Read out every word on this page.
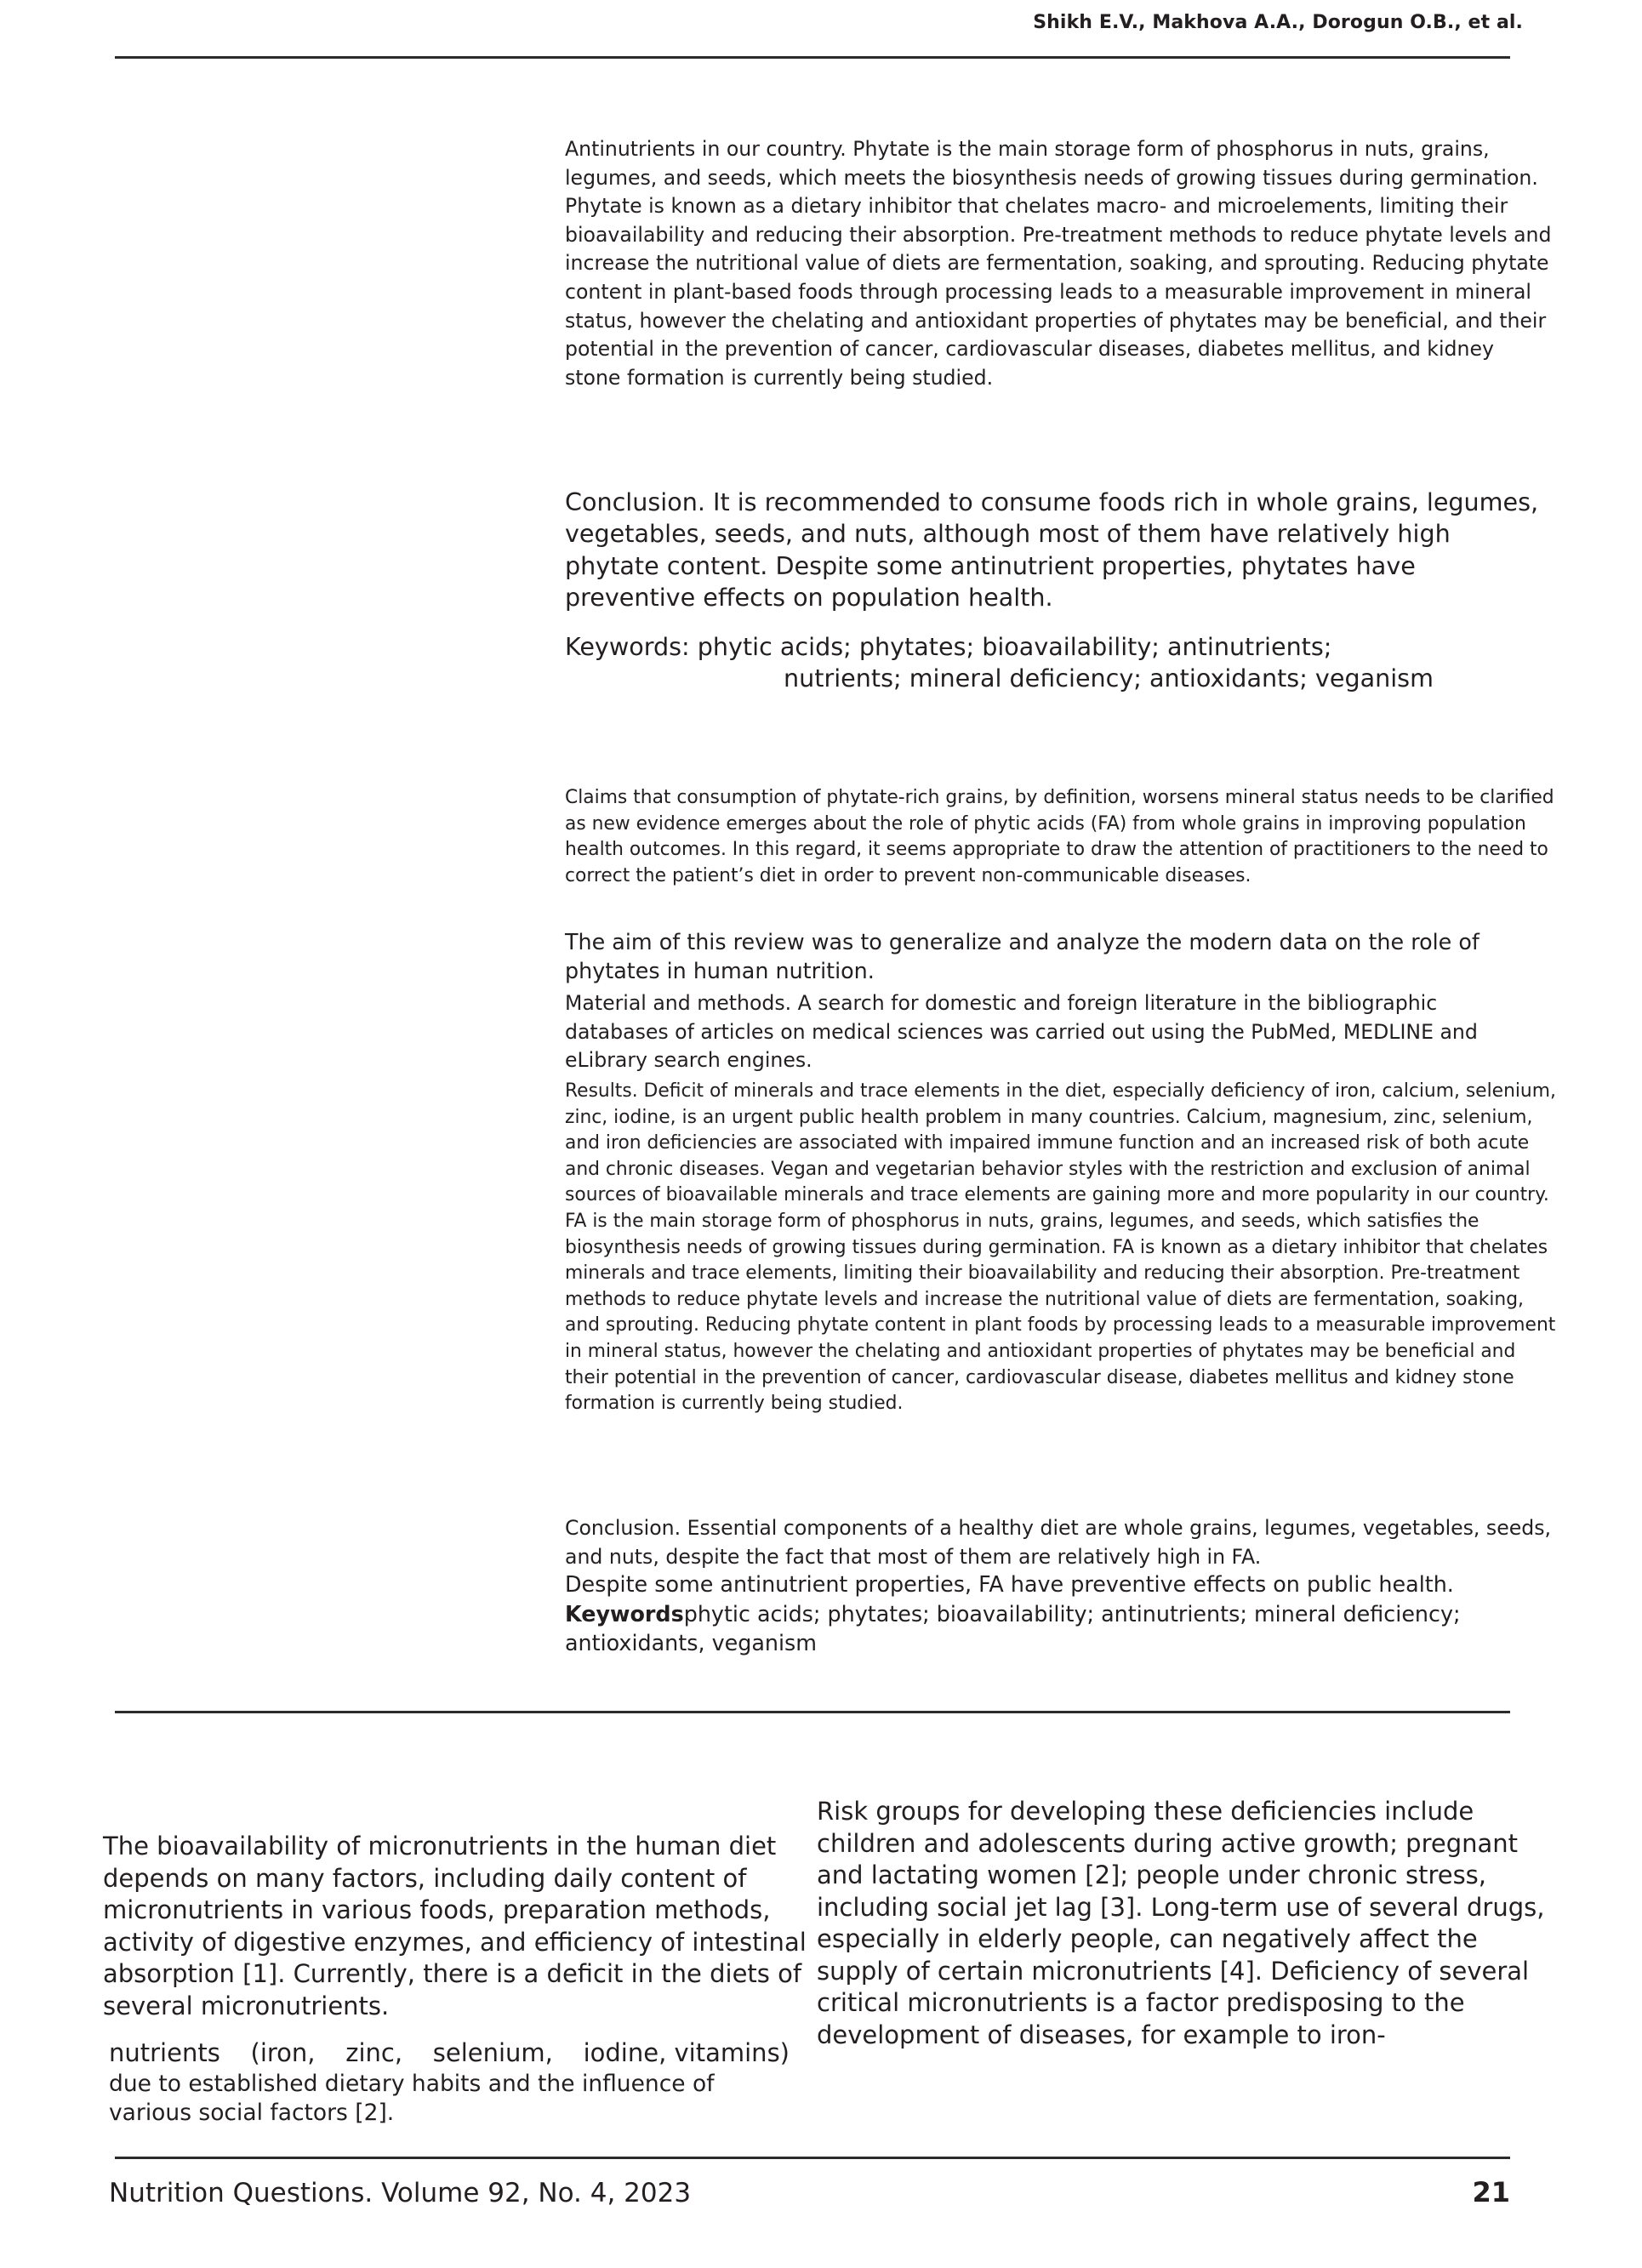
Shikh E.V., Makhova A.A., Dorogun O.B., et al.
Antinutrients in our country. Phytate is the main storage form of phosphorus in nuts, grains, legumes, and seeds, which meets the biosynthesis needs of growing tissues during germination. Phytate is known as a dietary inhibitor that chelates macro- and microelements, limiting their bioavailability and reducing their absorption. Pre-treatment methods to reduce phytate levels and increase the nutritional value of diets are fermentation, soaking, and sprouting. Reducing phytate content in plant-based foods through processing leads to a measurable improvement in mineral status, however the chelating and antioxidant properties of phytates may be beneficial, and their potential in the prevention of cancer, cardiovascular diseases, diabetes mellitus, and kidney stone formation is currently being studied.
Conclusion. It is recommended to consume foods rich in whole grains, legumes, vegetables, seeds, and nuts, although most of them have relatively high phytate content. Despite some antinutrient properties, phytates have preventive effects on population health.
Keywords: phytic acids; phytates; bioavailability; antinutrients;
nutrients; mineral deficiency; antioxidants; veganism
Claims that consumption of phytate-rich grains, by definition, worsens mineral status needs to be clarified as new evidence emerges about the role of phytic acids (FA) from whole grains in improving population health outcomes. In this regard, it seems appropriate to draw the attention of practitioners to the need to correct the patient’s diet in order to prevent non-communicable diseases.
The aim of this review was to generalize and analyze the modern data on the role of phytates in human nutrition.
Material and methods. A search for domestic and foreign literature in the bibliographic databases of articles on medical sciences was carried out using the PubMed, MEDLINE and eLibrary search engines.
Results. Deficit of minerals and trace elements in the diet, especially deficiency of iron, calcium, selenium, zinc, iodine, is an urgent public health problem in many countries. Calcium, magnesium, zinc, selenium, and iron deficiencies are associated with impaired immune function and an increased risk of both acute and chronic diseases. Vegan and vegetarian behavior styles with the restriction and exclusion of animal sources of bioavailable minerals and trace elements are gaining more and more popularity in our country. FA is the main storage form of phosphorus in nuts, grains, legumes, and seeds, which satisfies the biosynthesis needs of growing tissues during germination. FA is known as a dietary inhibitor that chelates minerals and trace elements, limiting their bioavailability and reducing their absorption. Pre-treatment methods to reduce phytate levels and increase the nutritional value of diets are fermentation, soaking, and sprouting. Reducing phytate content in plant foods by processing leads to a measurable improvement in mineral status, however the chelating and antioxidant properties of phytates may be beneficial and their potential in the prevention of cancer, cardiovascular disease, diabetes mellitus and kidney stone formation is currently being studied.
Conclusion. Essential components of a healthy diet are whole grains, legumes, vegetables, seeds, and nuts, despite the fact that most of them are relatively high in FA.
Despite some antinutrient properties, FA have preventive effects on public health.
Keywordsphytic acids; phytates; bioavailability; antinutrients; mineral deficiency; antioxidants, veganism
The bioavailability of micronutrients in the human diet depends on many factors, including daily content of micronutrients in various foods, preparation methods, activity of digestive enzymes, and efficiency of intestinal absorption [1]. Currently, there is a deficit in the diets of several micronutrients.
nutrients (iron, zinc, selenium, iodine, vitamins)
due to established dietary habits and the influence of various social factors [2].
Risk groups for developing these deficiencies include children and adolescents during active growth; pregnant and lactating women [2]; people under chronic stress, including social jet lag [3]. Long-term use of several drugs, especially in elderly people, can negatively affect the supply of certain micronutrients [4]. Deficiency of several critical micronutrients is a factor predisposing to the development of diseases, for example to iron-
Nutrition Questions. Volume 92, No. 4, 2023	21
